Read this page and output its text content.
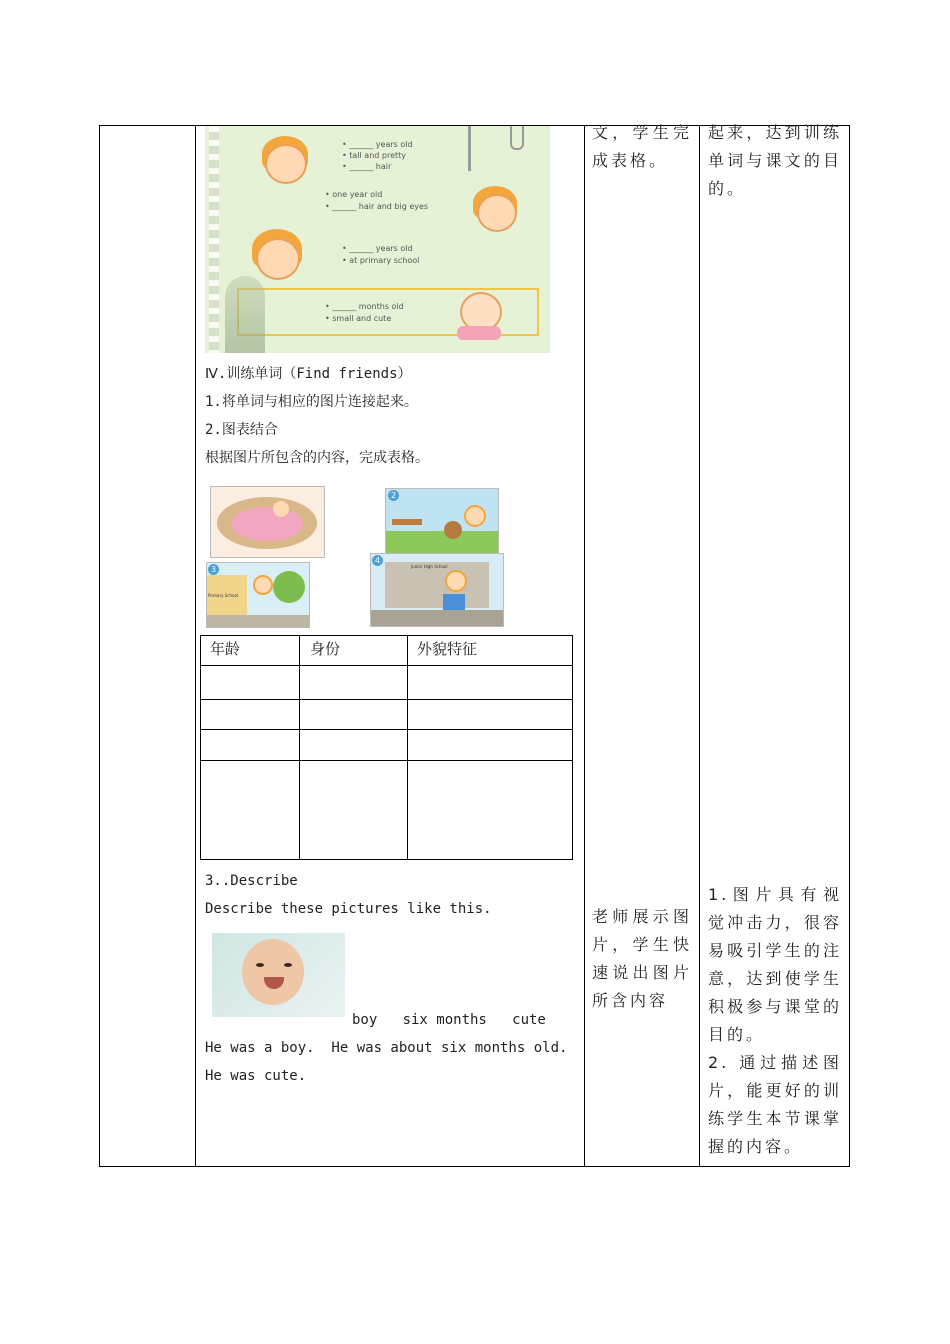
• ______ years old
• tall and pretty
• ______ hair
• one year old
• ______ hair and big eyes
• ______ years old
• at primary school
• ______ months old
• small and cute
Ⅳ.训练单词（Find friends）
1.将单词与相应的图片连接起来。
2.图表结合
根据图片所包含的内容，完成表格。
2
3
Primary School
4
Junior High School
年龄	身份	外貌特征
3..Describe
Describe these pictures like this.
boy   six months   cute
He was a boy.  He was about six months old.
He was cute.
文，学生完成表格。
老师展示图片，学生快速说出图片所含内容
起来，达到训练单词与课文的目的。
1.图片具有视觉冲击力，很容易吸引学生的注意，达到使学生积极参与课堂的目的。
2. 通过描述图片，能更好的训练学生本节课掌握的内容。
